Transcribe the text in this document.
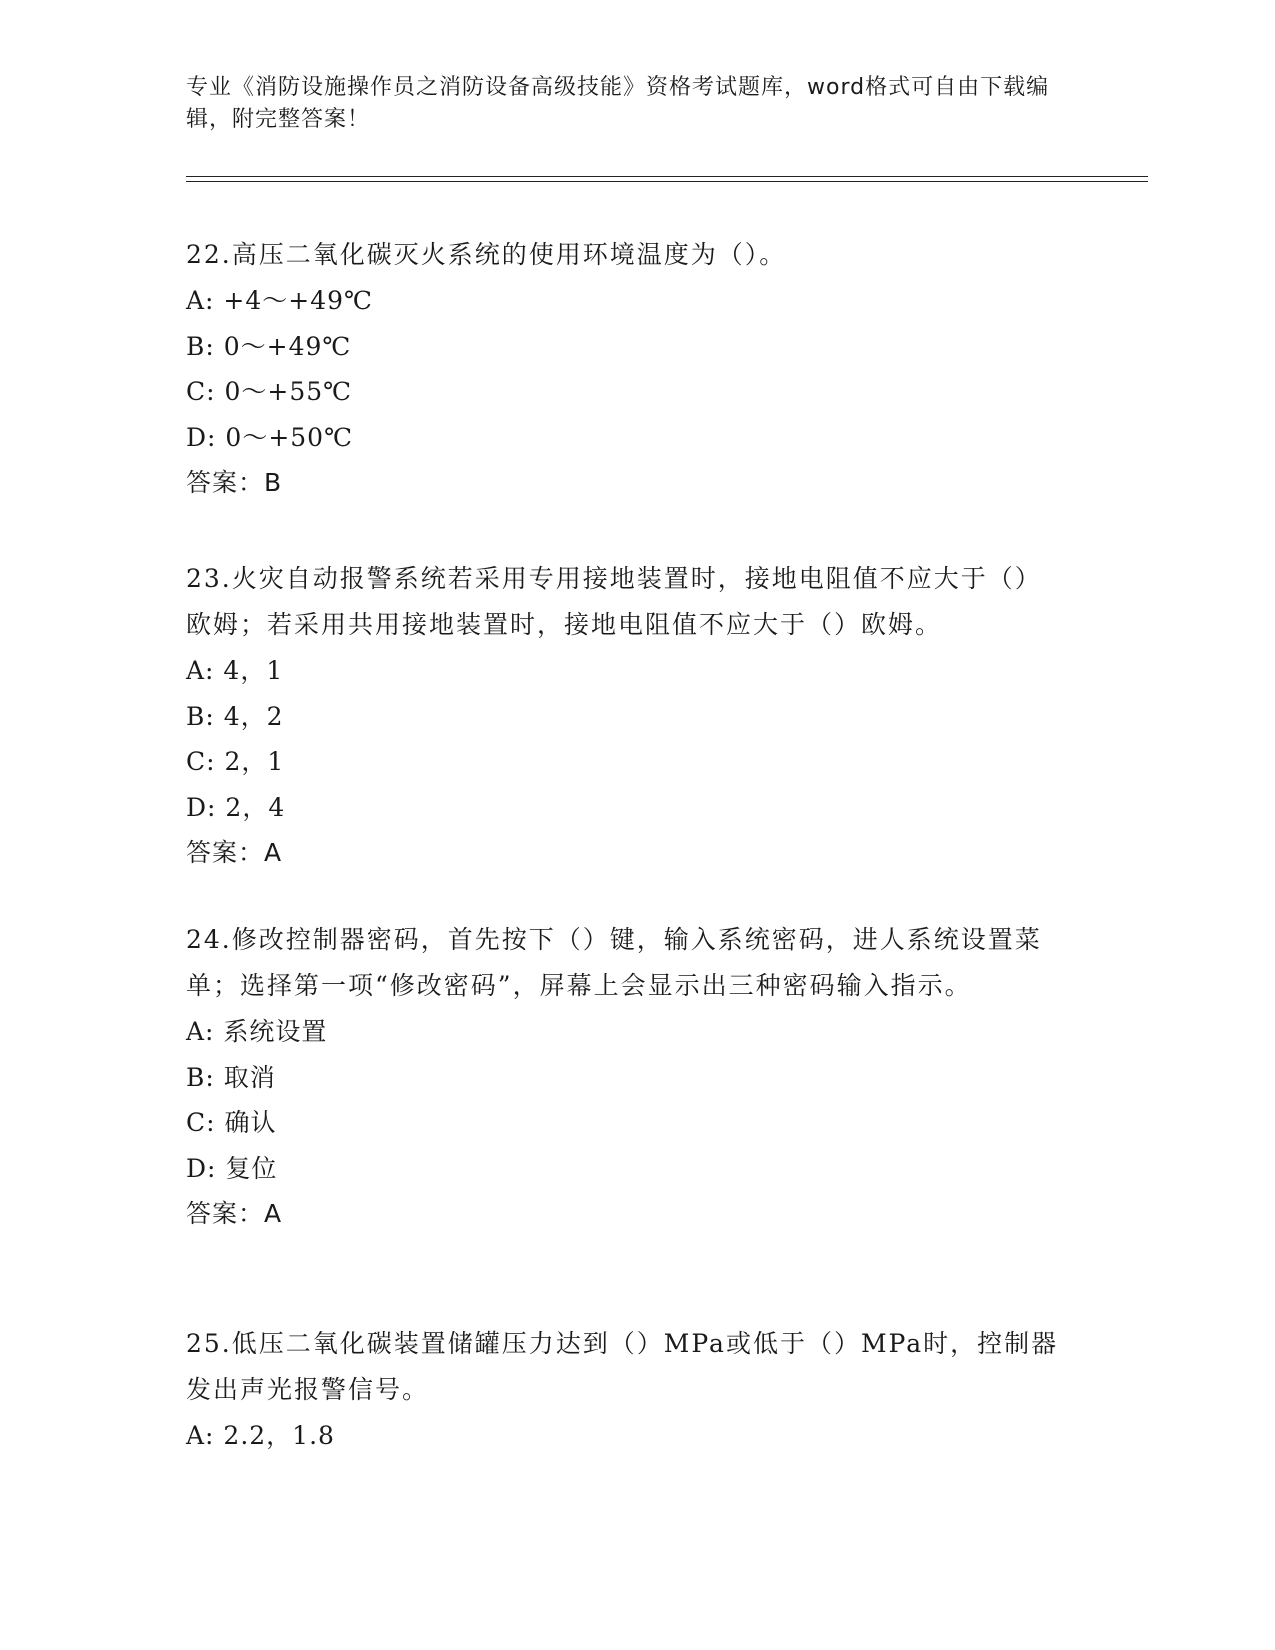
专业《消防设施操作员之消防设备高级技能》资格考试题库，word格式可自由下载编辑，附完整答案！
22.高压二氧化碳灭火系统的使用环境温度为（）。
A: +4～+49℃
B: 0～+49℃
C: 0～+55℃
D: 0～+50℃
答案：B
23.火灾自动报警系统若采用专用接地装置时，接地电阻值不应大于（）欧姆；若采用共用接地装置时，接地电阻值不应大于（）欧姆。
A: 4，1
B: 4，2
C: 2，1
D: 2，4
答案：A
24.修改控制器密码，首先按下（）键，输入系统密码，进人系统设置菜单；选择第一项“修改密码”，屏幕上会显示出三种密码输入指示。
A: 系统设置
B: 取消
C: 确认
D: 复位
答案：A
25.低压二氧化碳装置储罐压力达到（）MPa或低于（）MPa时，控制器发出声光报警信号。
A: 2.2，1.8
